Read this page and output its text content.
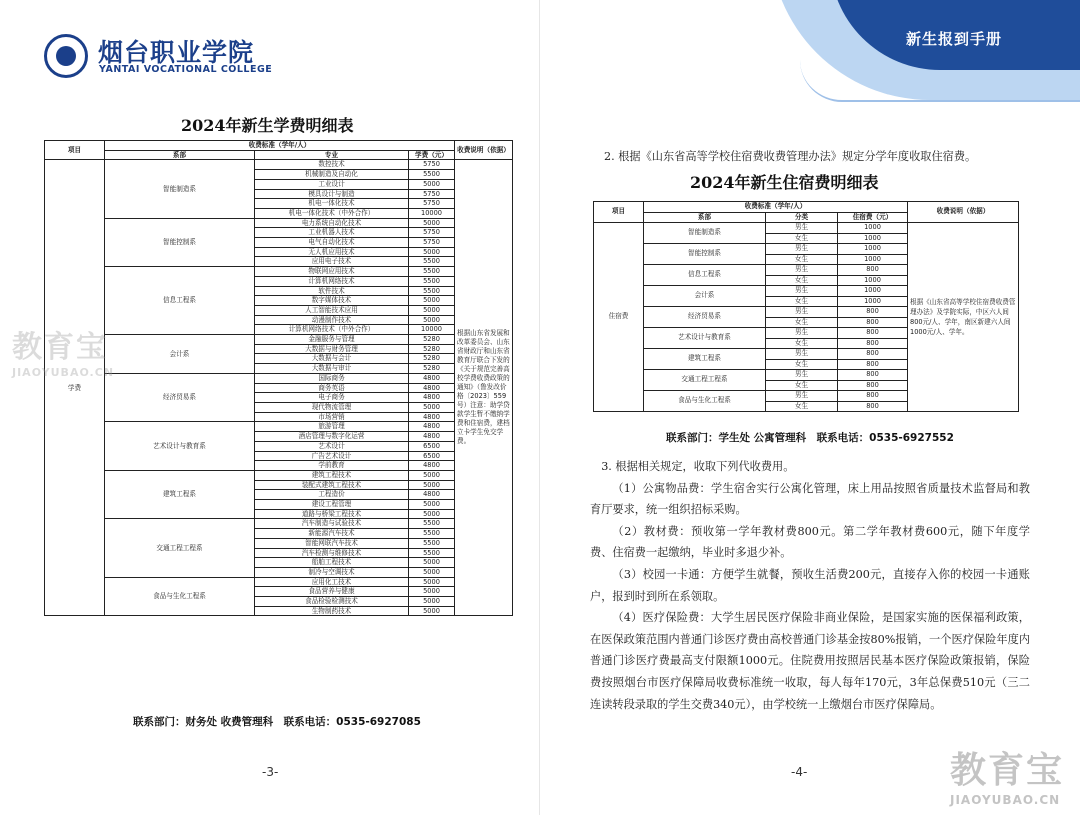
烟台职业学院
YANTAI VOCATIONAL COLLEGE
2024年新生学费明细表
项目	收费标准（学年/人）			收费说明（依据）
	系部	专业	学费（元）	
学费	智能制造系	数控技术	5750	根据山东省发展和改革委员会、山东省财政厅和山东省教育厅联合下发的《关于规范完善高校学费收费政策的通知》（鲁发改价格〔2023〕559号）注意：助学贷款学生暂不缴纳学费和住宿费，建档立卡学生免交学费。
		机械制造及自动化	5500	
		工业设计	5000	
		模具设计与制造	5750	
		机电一体化技术	5750	
		机电一体化技术（中外合作）	10000	
	智能控制系	电力系统自动化技术	5000	
		工业机器人技术	5750	
		电气自动化技术	5750	
		无人机应用技术	5000	
		应用电子技术	5500	
	信息工程系	物联网应用技术	5500	
		计算机网络技术	5500	
		软件技术	5500	
		数字媒体技术	5000	
		人工智能技术应用	5000	
		动漫制作技术	5000	
		计算机网络技术（中外合作）	10000	
	会计系	金融服务与管理	5280	
		大数据与财务管理	5280	
		大数据与会计	5280	
		大数据与审计	5280	
	经济贸易系	国际商务	4800	
		商务英语	4800	
		电子商务	4800	
		现代物流管理	5000	
		市场营销	4800	
	艺术设计与教育系	旅游管理	4800	
		酒店管理与数字化运营	4800	
		艺术设计	6500	
		广告艺术设计	6500	
		学前教育	4800	
	建筑工程系	建筑工程技术	5000	
		装配式建筑工程技术	5000	
		工程造价	4800	
		建设工程管理	5000	
		道路与桥梁工程技术	5000	
	交通工程工程系	汽车制造与试验技术	5500	
		新能源汽车技术	5500	
		智能网联汽车技术	5500	
		汽车检测与维修技术	5500	
		船舶工程技术	5000	
		制冷与空调技术	5000	
	食品与生化工程系	应用化工技术	5000	
		食品营养与健康	5000	
		食品检验检测技术	5000	
		生物制药技术	5000	
联系部门：财务处 收费管理科　联系电话：0535-6927085
-3-
教育宝
JIAOYUBAO.CN
新生报到手册
2. 根据《山东省高等学校住宿费收费管理办法》规定分学年度收取住宿费。
2024年新生住宿费明细表
项目	收费标准（学年/人）			收费说明（依据）
	系部	分类	住宿费（元）	
住宿费	智能制造系	男生	1000	根据《山东省高等学校住宿费收费管理办法》及学院实际，中区六人间800元/人、学年，南区新建六人间1000元/人、学年。
		女生	1000	
	智能控制系	男生	1000	
		女生	1000	
	信息工程系	男生	800	
		女生	1000	
	会计系	男生	1000	
		女生	1000	
	经济贸易系	男生	800	
		女生	800	
	艺术设计与教育系	男生	800	
		女生	800	
	建筑工程系	男生	800	
		女生	800	
	交通工程工程系	男生	800	
		女生	800	
	食品与生化工程系	男生	800	
		女生	800	
联系部门：学生处 公寓管理科　联系电话：0535-6927552

3. 根据相关规定，收取下列代收费用。

（1）公寓物品费：学生宿舍实行公寓化管理，床上用品按照省质量技术监督局和教育厅要求，统一组织招标采购。

（2）教材费：预收第一学年教材费800元。第二学年教材费600元，随下年度学费、住宿费一起缴纳，毕业时多退少补。

（3）校园一卡通：方便学生就餐，预收生活费200元，直接存入你的校园一卡通账户，报到时到所在系领取。

（4）医疗保险费：大学生居民医疗保险非商业保险，是国家实施的医保福利政策，在医保政策范围内普通门诊医疗费由高校普通门诊基金按80%报销，一个医疗保险年度内普通门诊医疗费最高支付限额1000元。住院费用按照居民基本医疗保险政策报销，保险费按照烟台市医疗保障局收费标准统一收取，每人每年170元，3年总保费510元（三二连读转段录取的学生交费340元），由学校统一上缴烟台市医疗保障局。

-4-	教育宝
JIAOYUBAO.CN
